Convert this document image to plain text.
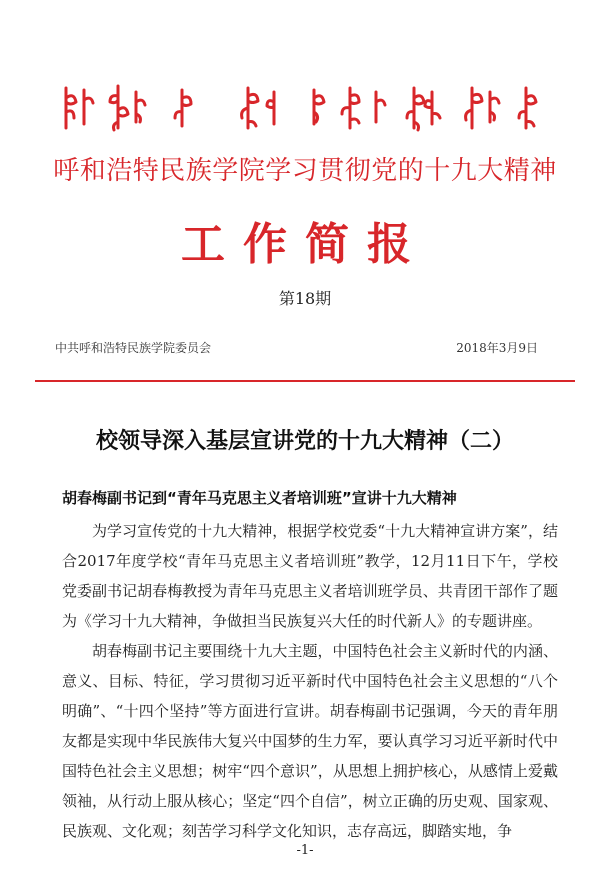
呼和浩特民族学院学习贯彻党的十九大精神
工作简报
第18期
中共呼和浩特民族学院委员会	2018年3月9日
校领导深入基层宣讲党的十九大精神（二）
胡春梅副书记到“青年马克思主义者培训班”宣讲十九大精神

为学习宣传党的十九大精神，根据学校党委“十九大精神宣讲方案”，结合2017年度学校“青年马克思主义者培训班”教学，12月11日下午，学校党委副书记胡春梅教授为青年马克思主义者培训班学员、共青团干部作了题为《学习十九大精神，争做担当民族复兴大任的时代新人》的专题讲座。

胡春梅副书记主要围绕十九大主题，中国特色社会主义新时代的内涵、意义、目标、特征，学习贯彻习近平新时代中国特色社会主义思想的“八个明确”、“十四个坚持”等方面进行宣讲。胡春梅副书记强调，今天的青年朋友都是实现中华民族伟大复兴中国梦的生力军，要认真学习习近平新时代中国特色社会主义思想；树牢“四个意识”，从思想上拥护核心，从感情上爱戴领袖，从行动上服从核心；坚定“四个自信”，树立正确的历史观、国家观、民族观、文化观；刻苦学习科学文化知识，志存高远，脚踏实地，争

-1-
